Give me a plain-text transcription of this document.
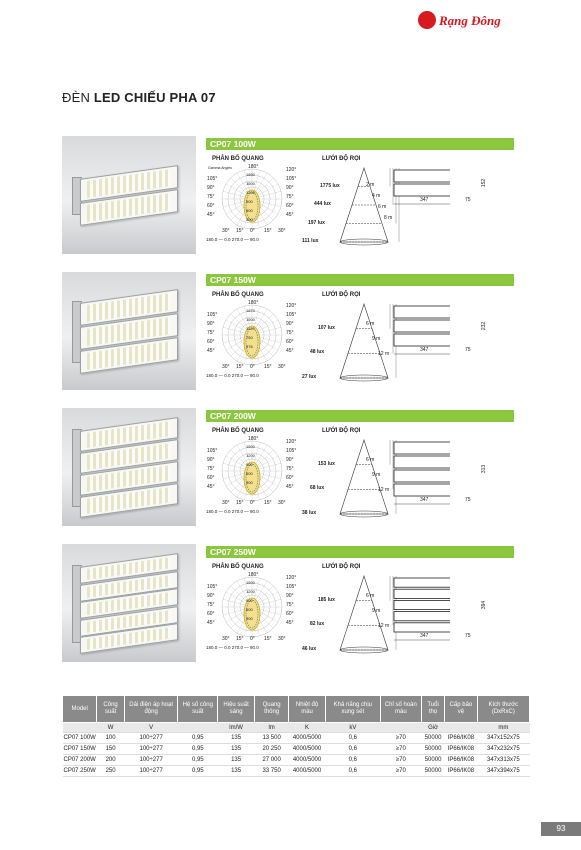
Rạng Đông
ĐÈN LED CHIẾU PHA 07
CP07 100W
PHÂN BỐ QUANG	LƯỚI ĐỘ RỌI
105°
90°
75°
60°
45°
120°
105°
90°
75°
60°
45°
180°
1850
1500
1200
900
600
300
Gamma Angles
30° 15° 0° 15° 30°
180.0 — 0.0 270.0 — 90.0
1775 lux
444 lux
197 lux
111 lux
2 m
4 m
6 m
8 m
347	75
152
CP07 150W
PHÂN BỐ QUANG	LƯỚI ĐỘ RỌI
105°
90°
75°
60°
45°
120°
105°
90°
75°
60°
45°
180°
1870
1500
1120
750
376
30° 15° 0° 15° 30°
180.0 — 0.0 270.0 — 90.0
107 lux
48 lux
27 lux
6 m
9 m
12 m
347	75
232
CP07 200W
PHÂN BỐ QUANG	LƯỚI ĐỘ RỌI
105°
90°
75°
60°
45°
120°
105°
90°
75°
60°
45°
180°
1500
1200
900
600
300
30° 15° 0° 15° 30°
180.0 — 0.0 270.0 — 90.0
153 lux
68 lux
38 lux
6 m
9 m
12 m
347	75
313
CP07 250W
PHÂN BỐ QUANG	LƯỚI ĐỘ RỌI
105°
90°
75°
60°
45°
120°
105°
90°
75°
60°
45°
180°
1500
1200
900
600
300
30° 15° 0° 15° 30°
180.0 — 0.0 270.0 — 90.0
185 lux
82 lux
46 lux
6 m
9 m
12 m
347	75
394
Model	Công suất	Dải điện áp hoạt động	Hệ số công suất	Hiệu suất sáng	Quang thông	Nhiệt độ màu	Khả năng chịu xung sét	Chỉ số hoàn màu	Tuổi thọ	Cấp bảo vệ	Kích thước (DxRxC)
	W	V		lm/W	lm	K	kV		Giờ		mm
CP07 100W	100	100÷277	0,95	135	13 500	4000/5000	0,6	≥70	50000	IP66/IK08	347x152x75
CP07 150W	150	100÷277	0,95	135	20 250	4000/5000	0,6	≥70	50000	IP66/IK08	347x232x75
CP07 200W	200	100÷277	0,95	135	27 000	4000/5000	0,6	≥70	50000	IP66/IK08	347x313x75
CP07 250W	250	100÷277	0,95	135	33 750	4000/5000	0,6	≥70	50000	IP66/IK08	347x394x75
93
